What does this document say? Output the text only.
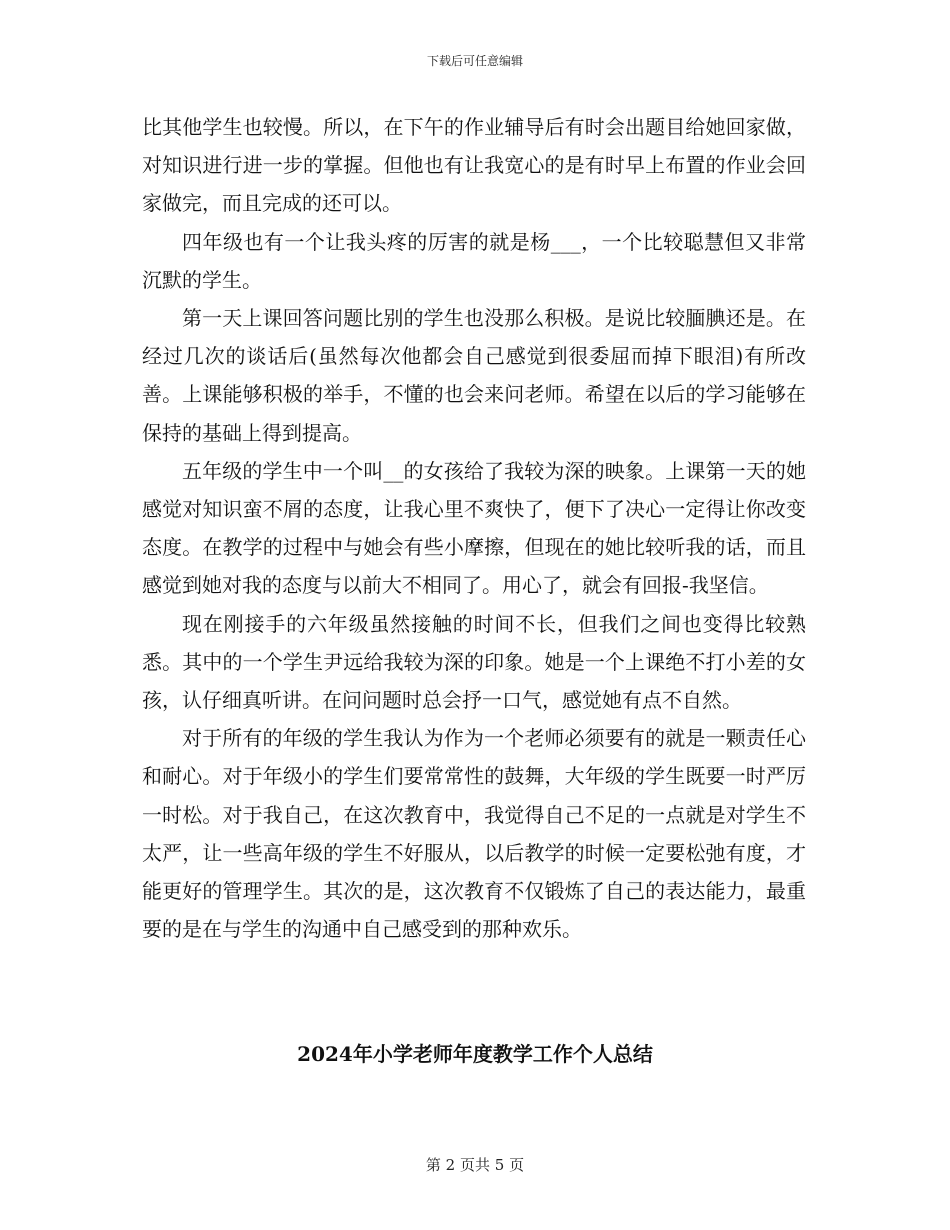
下载后可任意编辑

比其他学生也较慢。所以，在下午的作业辅导后有时会出题目给她回家做，对知识进行进一步的掌握。但他也有让我宽心的是有时早上布置的作业会回家做完，而且完成的还可以。

四年级也有一个让我头疼的厉害的就是杨___，一个比较聪慧但又非常沉默的学生。

第一天上课回答问题比别的学生也没那么积极。是说比较腼腆还是。在经过几次的谈话后(虽然每次他都会自己感觉到很委屈而掉下眼泪)有所改善。上课能够积极的举手，不懂的也会来问老师。希望在以后的学习能够在保持的基础上得到提高。

五年级的学生中一个叫__的女孩给了我较为深的映象。上课第一天的她感觉对知识蛮不屑的态度，让我心里不爽快了，便下了决心一定得让你改变态度。在教学的过程中与她会有些小摩擦，但现在的她比较听我的话，而且感觉到她对我的态度与以前大不相同了。用心了，就会有回报-我坚信。

现在刚接手的六年级虽然接触的时间不长，但我们之间也变得比较熟悉。其中的一个学生尹远给我较为深的印象。她是一个上课绝不打小差的女孩，认仔细真听讲。在问问题时总会抒一口气，感觉她有点不自然。

对于所有的年级的学生我认为作为一个老师必须要有的就是一颗责任心和耐心。对于年级小的学生们要常常性的鼓舞，大年级的学生既要一时严厉一时松。对于我自己，在这次教育中，我觉得自己不足的一点就是对学生不太严，让一些高年级的学生不好服从，以后教学的时候一定要松弛有度，才能更好的管理学生。其次的是，这次教育不仅锻炼了自己的表达能力，最重要的是在与学生的沟通中自己感受到的那种欢乐。

2024年小学老师年度教学工作个人总结
第 2 页共 5 页
